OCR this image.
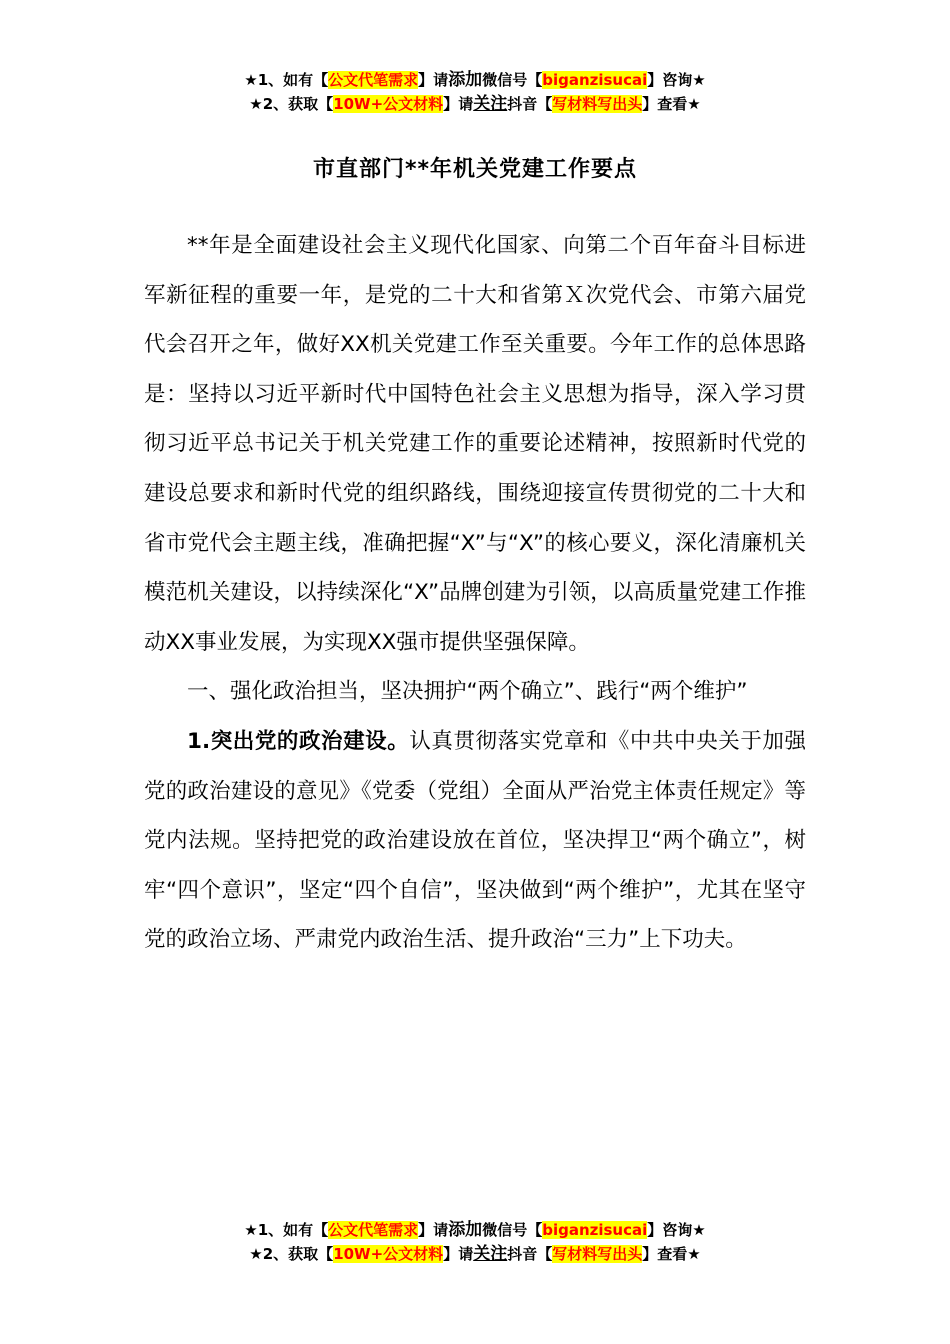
★1、如有【公文代笔需求】请添加微信号【biganzisucai】咨询★
★2、获取【10W+公文材料】请关注抖音【写材料写出头】查看★
市直部门**年机关党建工作要点

**年是全面建设社会主义现代化国家、向第二个百年奋斗目标进军新征程的重要一年，是党的二十大和省第Ｘ次党代会、市第六届党代会召开之年，做好XX机关党建工作至关重要。今年工作的总体思路是：坚持以习近平新时代中国特色社会主义思想为指导，深入学习贯彻习近平总书记关于机关党建工作的重要论述精神，按照新时代党的建设总要求和新时代党的组织路线，围绕迎接宣传贯彻党的二十大和省市党代会主题主线，准确把握“X”与“X”的核心要义，深化清廉机关模范机关建设，以持续深化“X”品牌创建为引领，以高质量党建工作推动XX事业发展，为实现XX强市提供坚强保障。

一、强化政治担当，坚决拥护“两个确立”、践行“两个维护”

1.突出党的政治建设。认真贯彻落实党章和《中共中央关于加强党的政治建设的意见》《党委（党组）全面从严治党主体责任规定》等党内法规。坚持把党的政治建设放在首位，坚决捍卫“两个确立”，树牢“四个意识”，坚定“四个自信”，坚决做到“两个维护”，尤其在坚守党的政治立场、严肃党内政治生活、提升政治“三力”上下功夫。

★1、如有【公文代笔需求】请添加微信号【biganzisucai】咨询★
★2、获取【10W+公文材料】请关注抖音【写材料写出头】查看★
